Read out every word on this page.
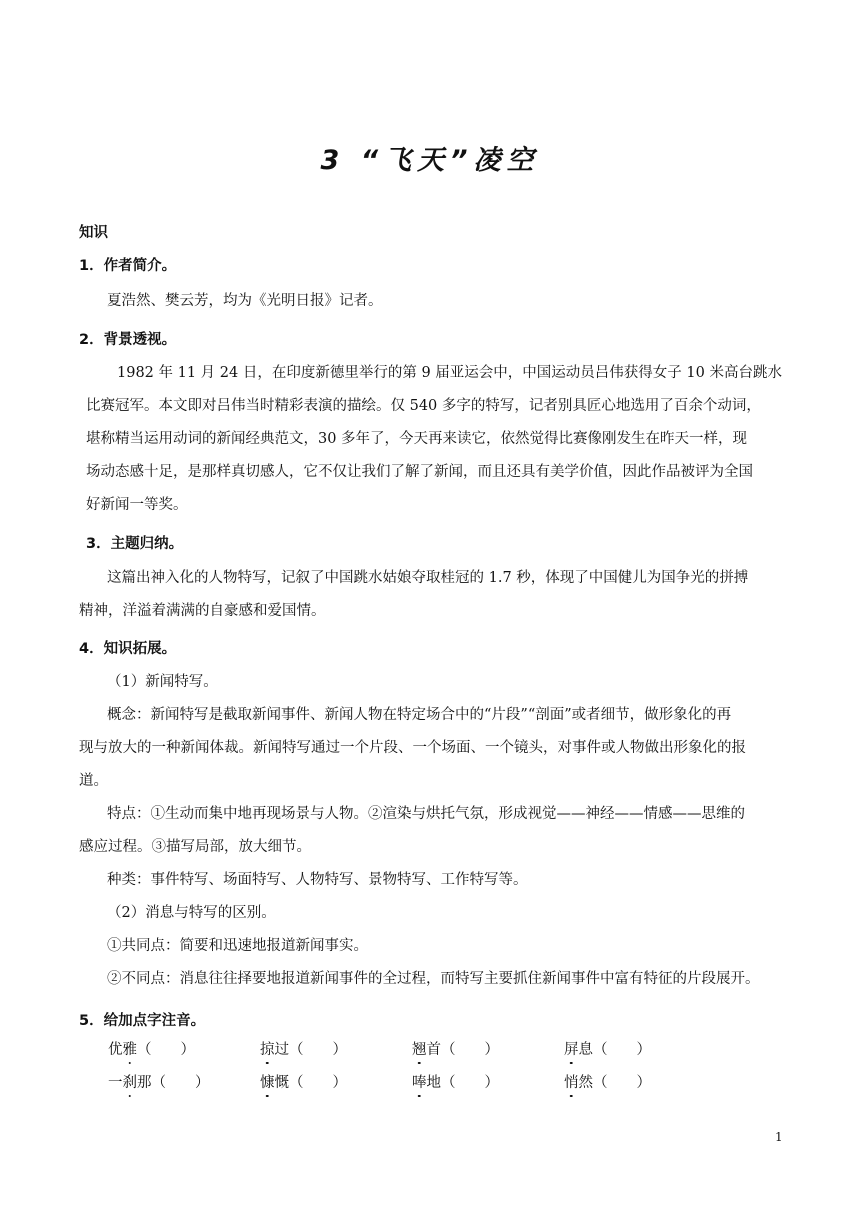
3 “飞天”凌空
知识
1．作者简介。
夏浩然、樊云芳，均为《光明日报》记者。
2．背景透视。
1982 年 11 月 24 日，在印度新德里举行的第 9 届亚运会中，中国运动员吕伟获得女子 10 米高台跳水
比赛冠军。本文即对吕伟当时精彩表演的描绘。仅 540 多字的特写，记者别具匠心地选用了百余个动词，
堪称精当运用动词的新闻经典范文，30 多年了，今天再来读它，依然觉得比赛像刚发生在昨天一样，现
场动态感十足，是那样真切感人，它不仅让我们了解了新闻，而且还具有美学价值，因此作品被评为全国
好新闻一等奖。
3．主题归纳。
这篇出神入化的人物特写，记叙了中国跳水姑娘夺取桂冠的 1.7 秒，体现了中国健儿为国争光的拼搏
精神，洋溢着满满的自豪感和爱国情。
4．知识拓展。
（1）新闻特写。
概念：新闻特写是截取新闻事件、新闻人物在特定场合中的“片段”“剖面”或者细节，做形象化的再
现与放大的一种新闻体裁。新闻特写通过一个片段、一个场面、一个镜头，对事件或人物做出形象化的报
道。
特点：①生动而集中地再现场景与人物。②渲染与烘托气氛，形成视觉——神经——情感——思维的
感应过程。③描写局部，放大细节。
种类：事件特写、场面特写、人物特写、景物特写、工作特写等。
（2）消息与特写的区别。
①共同点：简要和迅速地报道新闻事实。
②不同点：消息往往择要地报道新闻事件的全过程，而特写主要抓住新闻事件中富有特征的片段展开。
5．给加点字注音。
优雅（　　）	掠过（　　）	翘首（　　）	屏息（　　）
一刹那（　　）	慷慨（　　）	唪地（　　）	悄然（　　）
1
